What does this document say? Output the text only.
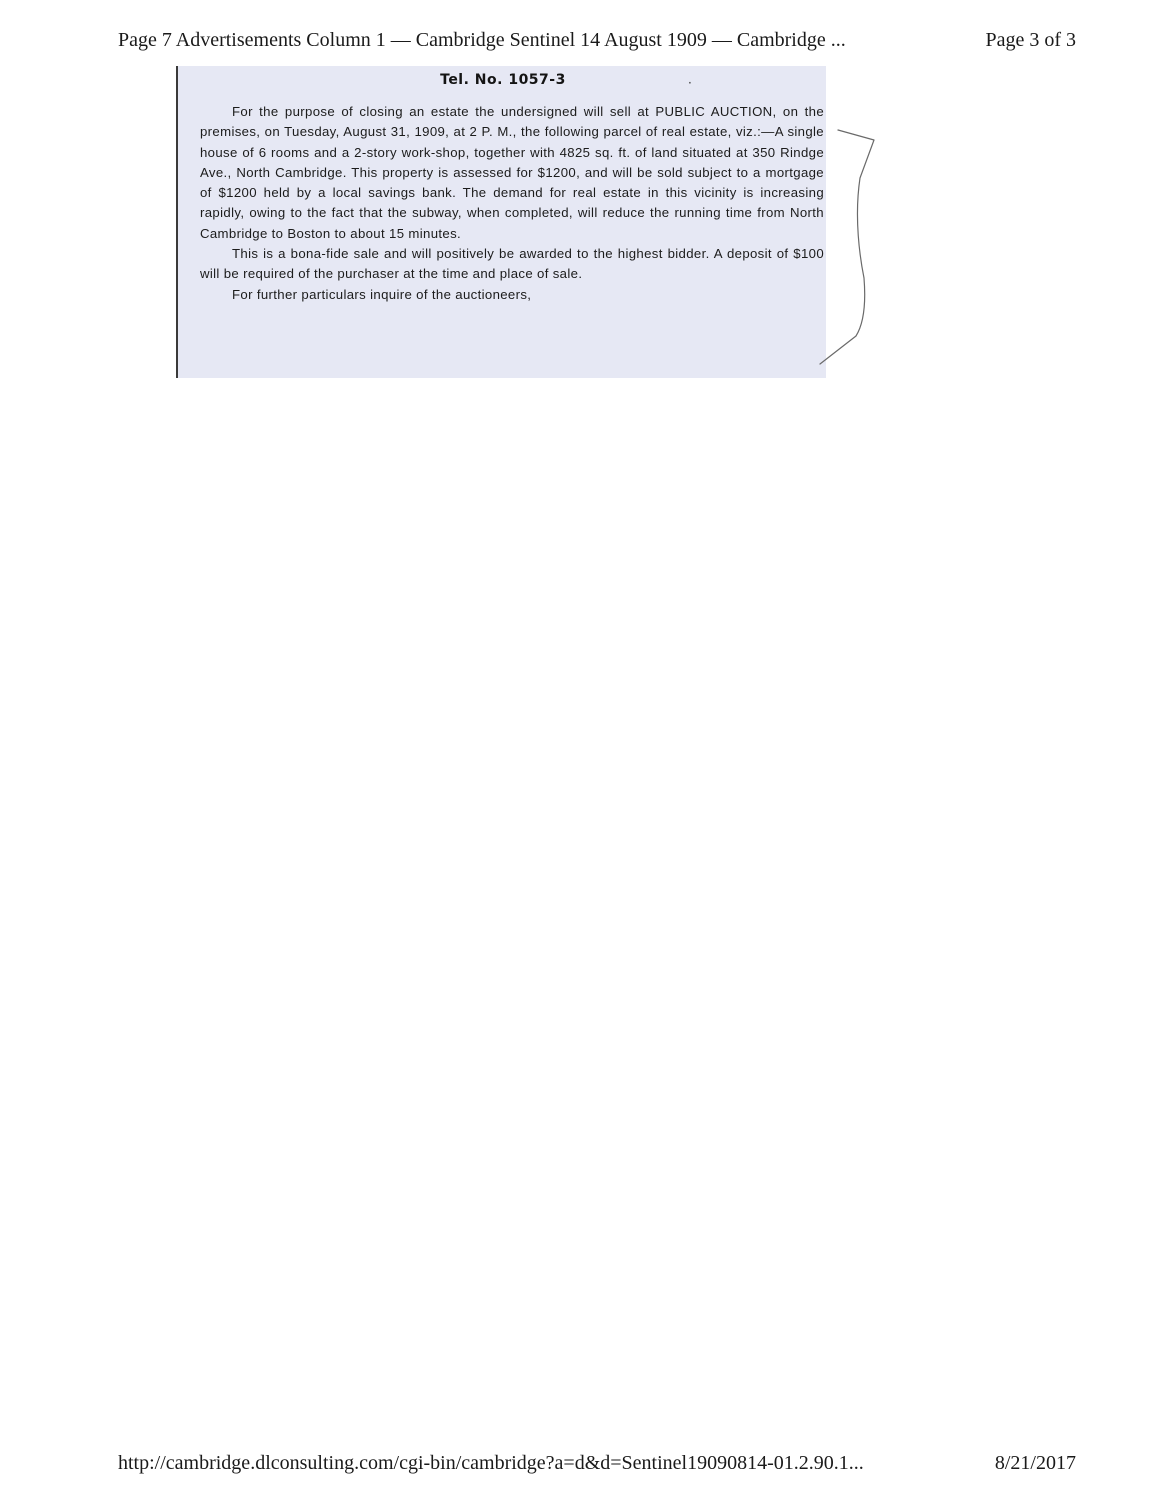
Page 7 Advertisements Column 1 — Cambridge Sentinel 14 August 1909 — Cambridge ...	Page 3 of 3
Tel. No. 1057-3	·

For the purpose of closing an estate the undersigned will sell at PUBLIC AUCTION, on the premises, on Tuesday, August 31, 1909, at 2 P. M., the following parcel of real estate, viz.:—A single house of 6 rooms and a 2-story work-shop, together with 4825 sq. ft. of land situated at 350 Rindge Ave., North Cambridge. This property is assessed for $1200, and will be sold subject to a mortgage of $1200 held by a local savings bank. The demand for real estate in this vicinity is increasing rapidly, owing to the fact that the subway, when completed, will reduce the running time from North Cambridge to Boston to about 15 minutes.

This is a bona-fide sale and will positively be awarded to the highest bidder. A deposit of $100 will be required of the purchaser at the time and place of sale.

For further particulars inquire of the auctioneers,

http://cambridge.dlconsulting.com/cgi-bin/cambridge?a=d&d=Sentinel19090814-01.2.90.1...	8/21/2017
